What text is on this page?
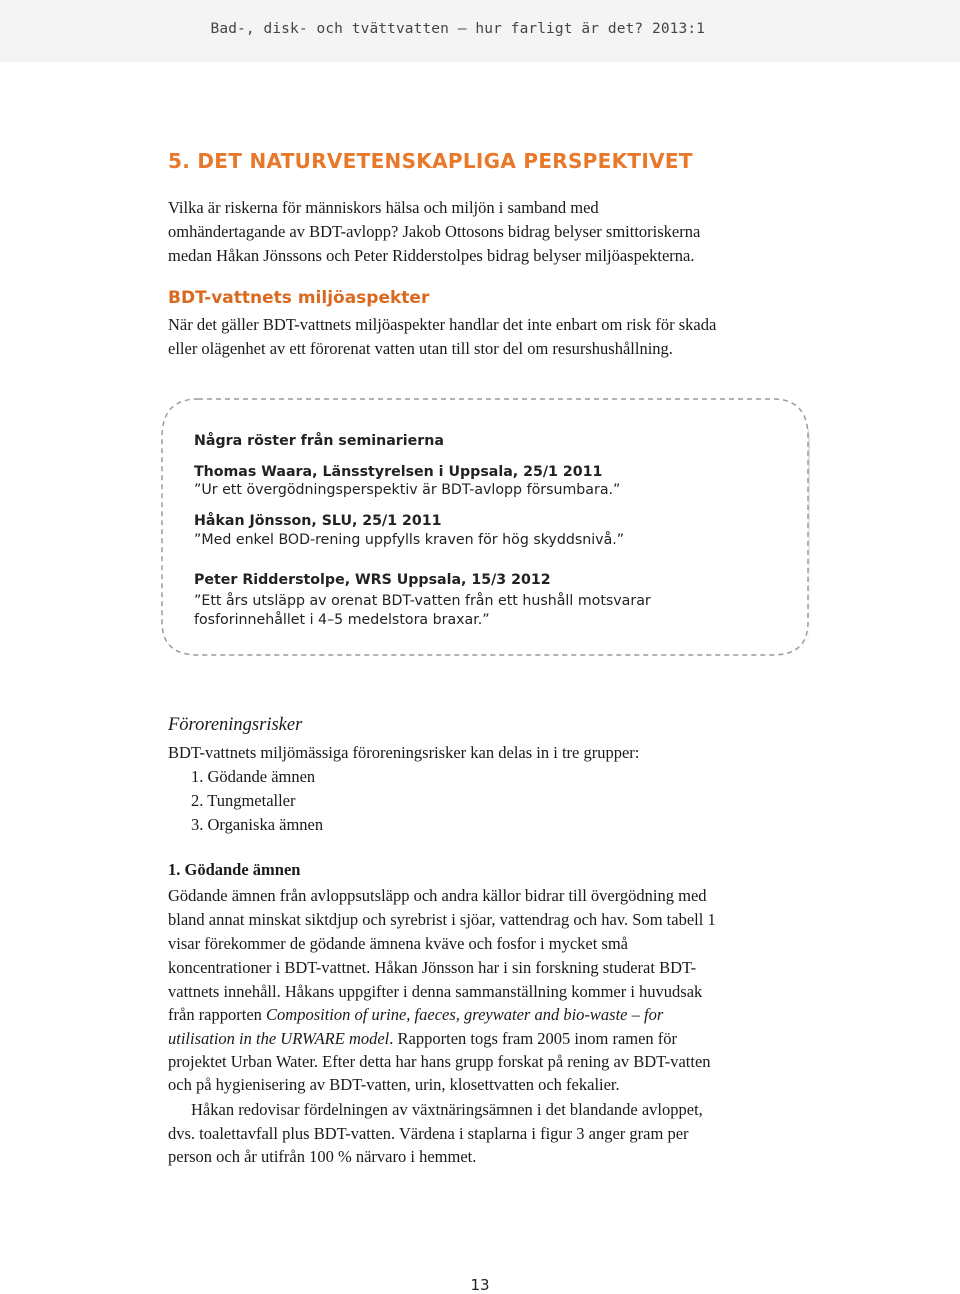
Bad-, disk- och tvättvatten – hur farligt är det? 2013:1
5. DET NATURVETENSKAPLIGA PERSPEKTIVET
Vilka är riskerna för människors hälsa och miljön i samband med
omhändertagande av BDT-avlopp? Jakob Ottosons bidrag belyser smittoriskerna
medan Håkan Jönssons och Peter Ridderstolpes bidrag belyser miljöaspekterna.
BDT-vattnets miljöaspekter
När det gäller BDT-vattnets miljöaspekter handlar det inte enbart om risk för skada
eller olägenhet av ett förorenat vatten utan till stor del om resurshushållning.
Några röster från seminarierna
Thomas Waara, Länsstyrelsen i Uppsala, 25/1 2011
”Ur ett övergödningsperspektiv är BDT-avlopp försumbara.”
Håkan Jönsson, SLU, 25/1 2011
”Med enkel BOD-rening uppfylls kraven för hög skyddsnivå.”
Peter Ridderstolpe, WRS Uppsala, 15/3 2012
”Ett års utsläpp av orenat BDT-vatten från ett hushåll motsvarar
fosforinnehållet i 4–5 medelstora braxar.”
Föroreningsrisker
BDT-vattnets miljömässiga föroreningsrisker kan delas in i tre grupper:
1. Gödande ämnen
2. Tungmetaller
3. Organiska ämnen
1. Gödande ämnen
Gödande ämnen från avloppsutsläpp och andra källor bidrar till övergödning med
bland annat minskat siktdjup och syrebrist i sjöar, vattendrag och hav. Som tabell 1
visar förekommer de gödande ämnena kväve och fosfor i mycket små
koncentrationer i BDT-vattnet. Håkan Jönsson har i sin forskning studerat BDT-
vattnets innehåll. Håkans uppgifter i denna sammanställning kommer i huvudsak
från rapporten Composition of urine, faeces, greywater and bio-waste – for
utilisation in the URWARE model. Rapporten togs fram 2005 inom ramen för
projektet Urban Water. Efter detta har hans grupp forskat på rening av BDT-vatten
och på hygienisering av BDT-vatten, urin, klosettvatten och fekalier.
Håkan redovisar fördelningen av växtnäringsämnen i det blandande avloppet,
dvs. toalettavfall plus BDT-vatten. Värdena i staplarna i figur 3 anger gram per
person och år utifrån 100 % närvaro i hemmet.
13
